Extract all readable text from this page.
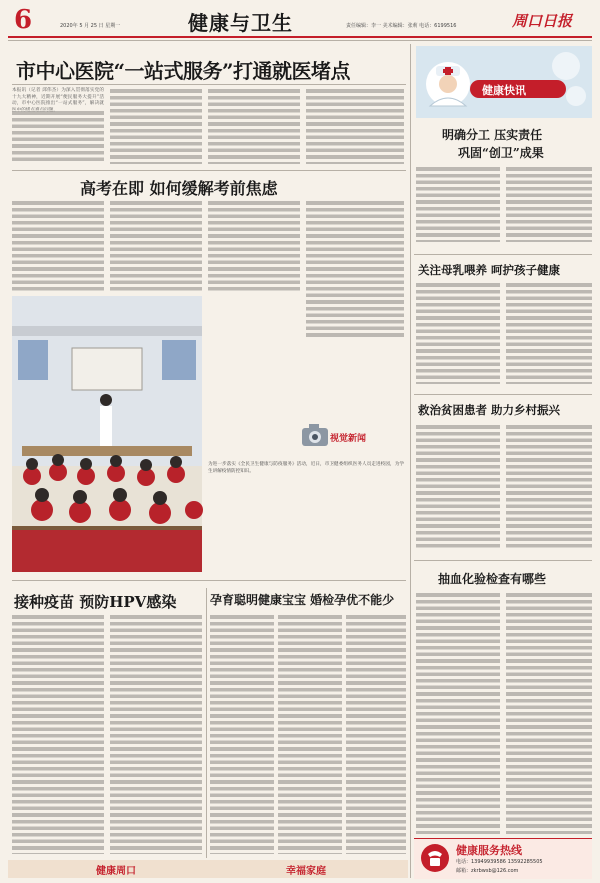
6	2020年 5 月 25 日 星期一	健康与卫生	责任编辑：李一 美术编辑：张莉 电话：6199516	周口日报
市中心医院“一站式服务”打通就医堵点
本报讯（记者 邱伟杰）为深入贯彻落实党的十九大精神，近期开展“便民服务大提升”活动，市中心医院推出“一站式服务”，解决就
高考在即 如何缓解考前焦虑
视觉新闻
为进一步落实《全民卫生健康与防疫服务》活动，近日，市卫健委组织医务人员走进校园，为学生讲解疫情防控知识。
接种疫苗 预防HPV感染	孕育聪明健康宝宝 婚检孕优不能少
健康周口	幸福家庭
健康快讯
明确分工 压实责任
巩固“创卫”成果
关注母乳喂养 呵护孩子健康
救治贫困患者 助力乡村振兴
抽血化验检查有哪些
健康服务热线
电话：13949939586 13592285505
邮箱：zkrbwsb@126.com
